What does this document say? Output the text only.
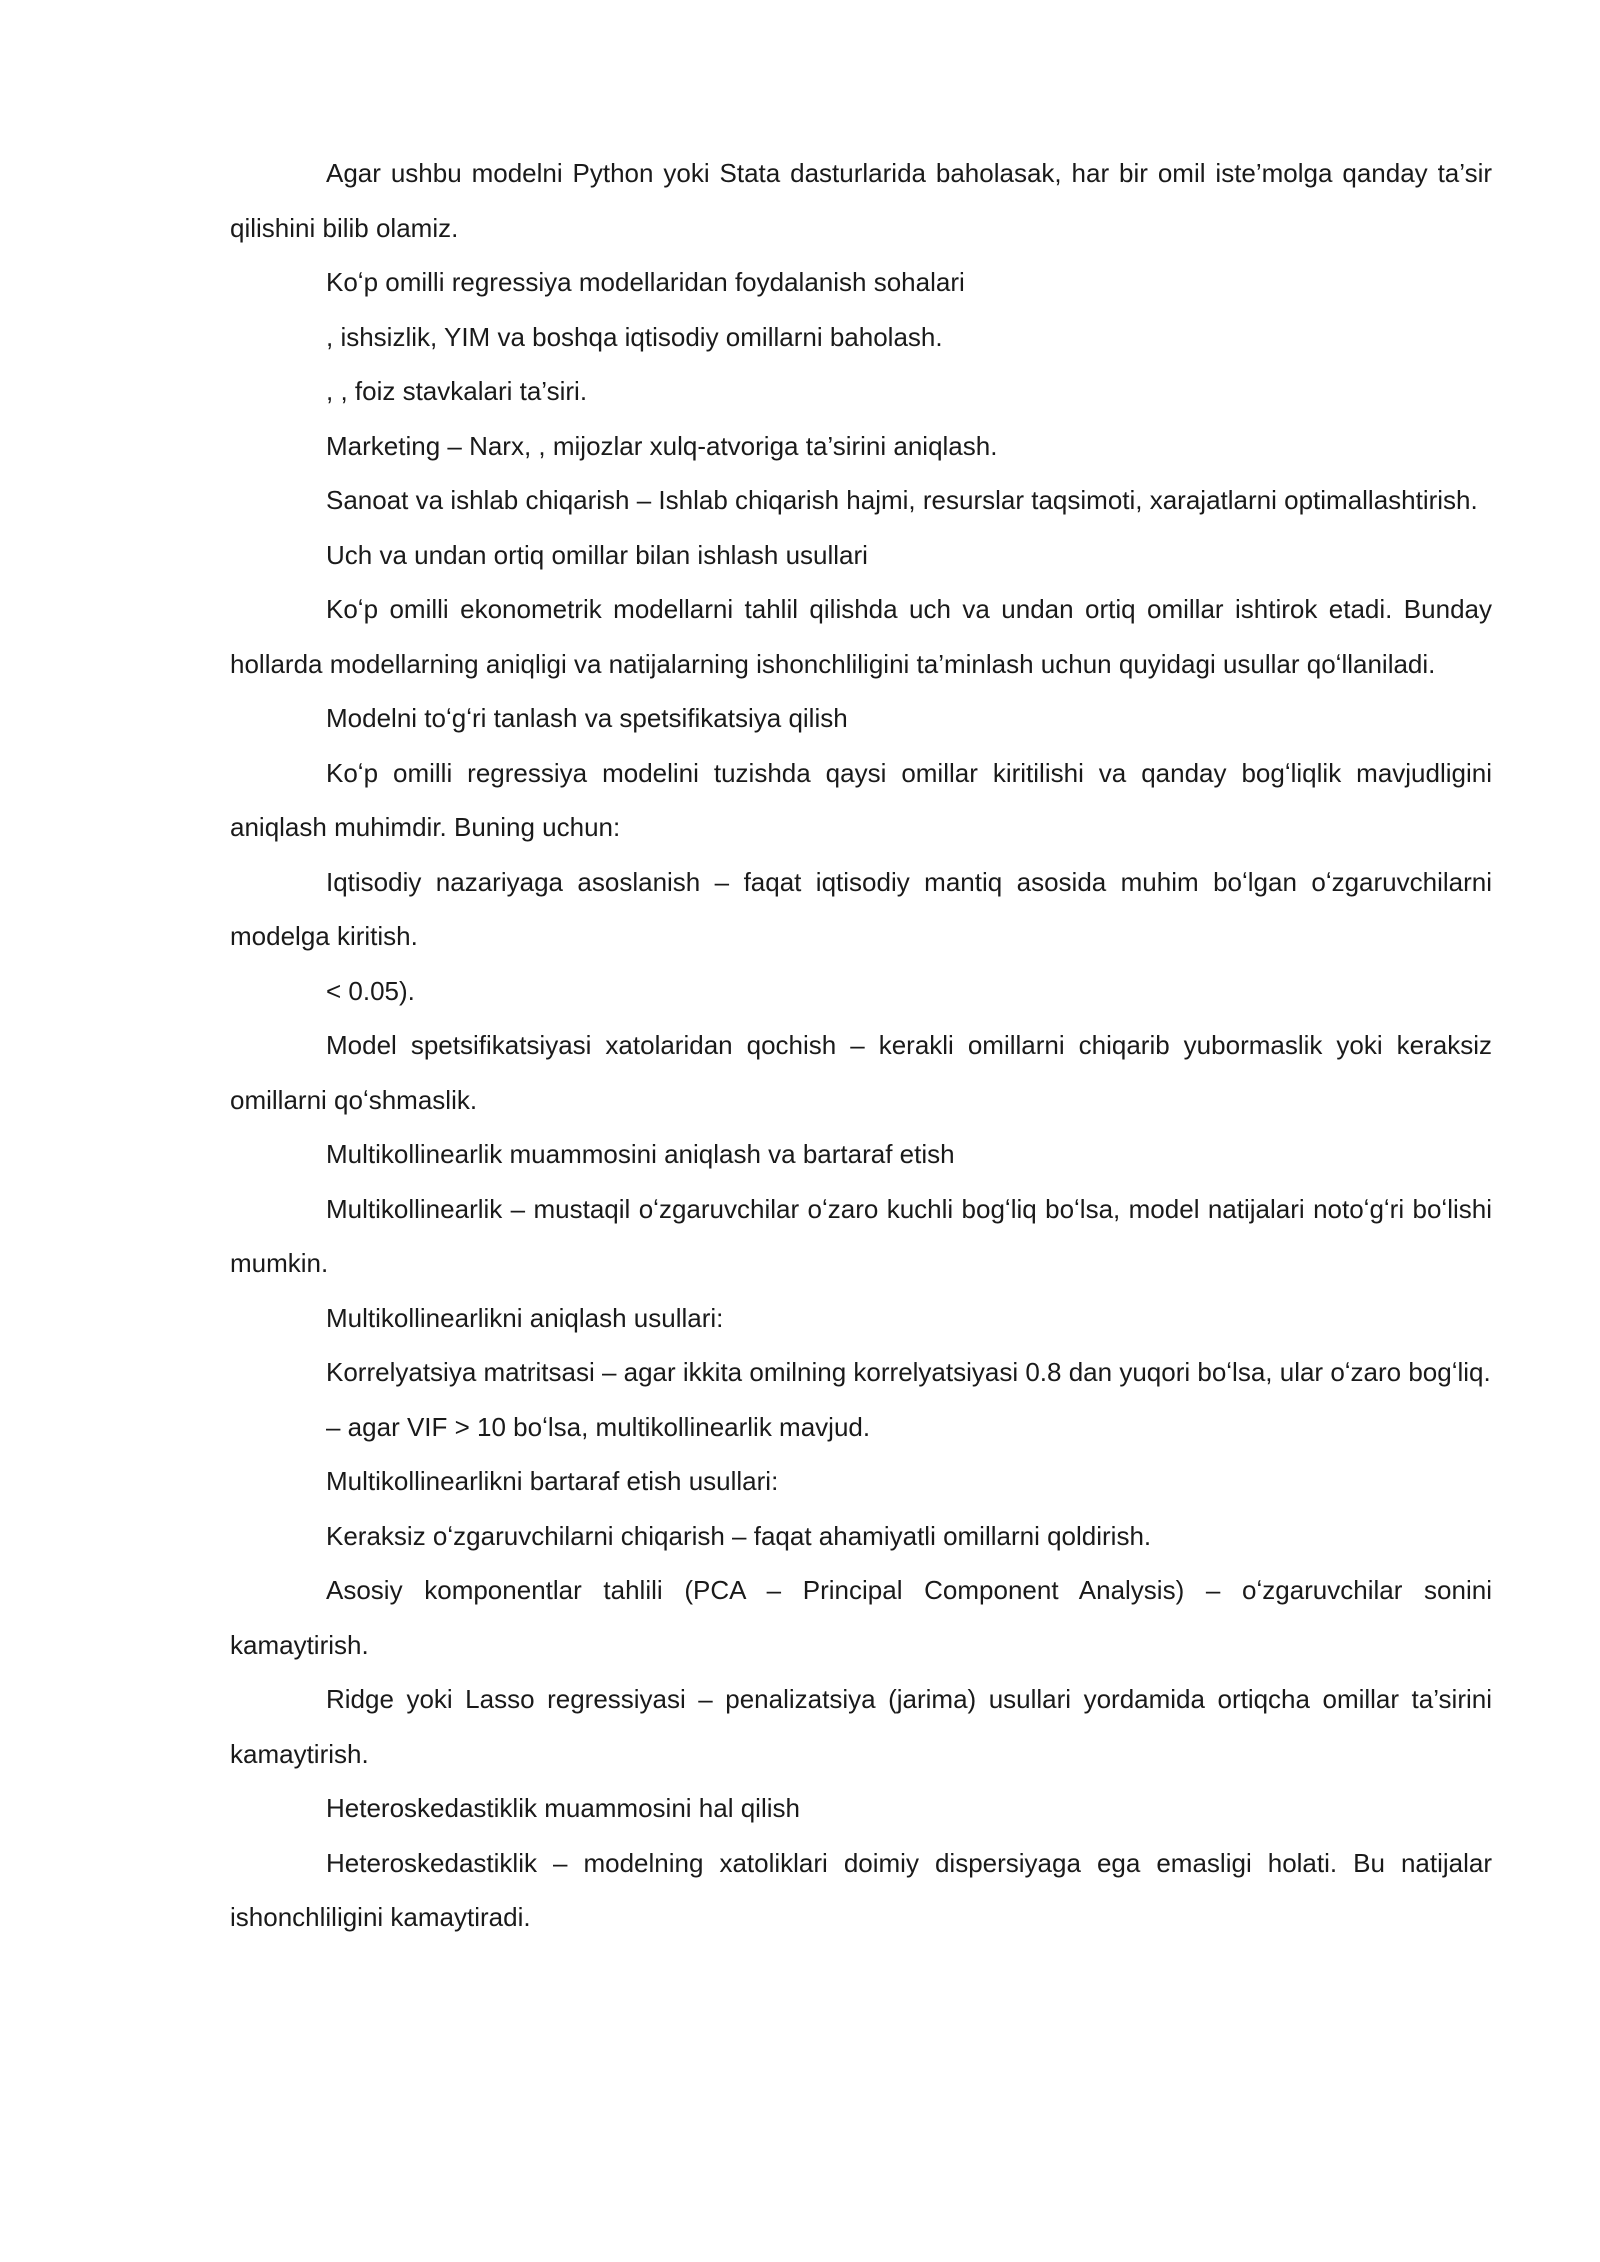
Agar ushbu modelni Python yoki Stata dasturlarida baholasak, har bir omil iste’molga qanday ta’sir qilishini bilib olamiz.

Koʻp omilli regressiya modellaridan foydalanish sohalari

, ishsizlik, YIM va boshqa iqtisodiy omillarni baholash.

, , foiz stavkalari ta’siri.

Marketing – Narx, , mijozlar xulq-atvoriga ta’sirini aniqlash.

Sanoat va ishlab chiqarish – Ishlab chiqarish hajmi, resurslar taqsimoti, xarajatlarni optimallashtirish.

Uch va undan ortiq omillar bilan ishlash usullari

Koʻp omilli ekonometrik modellarni tahlil qilishda uch va undan ortiq omillar ishtirok etadi. Bunday hollarda modellarning aniqligi va natijalarning ishonchliligini ta’minlash uchun quyidagi usullar qoʻllaniladi.

Modelni toʻgʻri tanlash va spetsifikatsiya qilish

Koʻp omilli regressiya modelini tuzishda qaysi omillar kiritilishi va qanday bogʻliqlik mavjudligini aniqlash muhimdir. Buning uchun:

Iqtisodiy nazariyaga asoslanish – faqat iqtisodiy mantiq asosida muhim boʻlgan oʻzgaruvchilarni modelga kiritish.

< 0.05).

Model spetsifikatsiyasi xatolaridan qochish – kerakli omillarni chiqarib yubormaslik yoki keraksiz omillarni qoʻshmaslik.

Multikollinearlik muammosini aniqlash va bartaraf etish

Multikollinearlik – mustaqil oʻzgaruvchilar oʻzaro kuchli bogʻliq boʻlsa, model natijalari notoʻgʻri boʻlishi mumkin.

Multikollinearlikni aniqlash usullari:

Korrelyatsiya matritsasi – agar ikkita omilning korrelyatsiyasi 0.8 dan yuqori boʻlsa, ular oʻzaro bogʻliq.

– agar VIF > 10 boʻlsa, multikollinearlik mavjud.

Multikollinearlikni bartaraf etish usullari:

Keraksiz oʻzgaruvchilarni chiqarish – faqat ahamiyatli omillarni qoldirish.

Asosiy komponentlar tahlili (PCA – Principal Component Analysis) – oʻzgaruvchilar sonini kamaytirish.

Ridge yoki Lasso regressiyasi – penalizatsiya (jarima) usullari yordamida ortiqcha omillar ta’sirini kamaytirish.

Heteroskedastiklik muammosini hal qilish

Heteroskedastiklik – modelning xatoliklari doimiy dispersiyaga ega emasligi holati. Bu natijalar ishonchliligini kamaytiradi.
